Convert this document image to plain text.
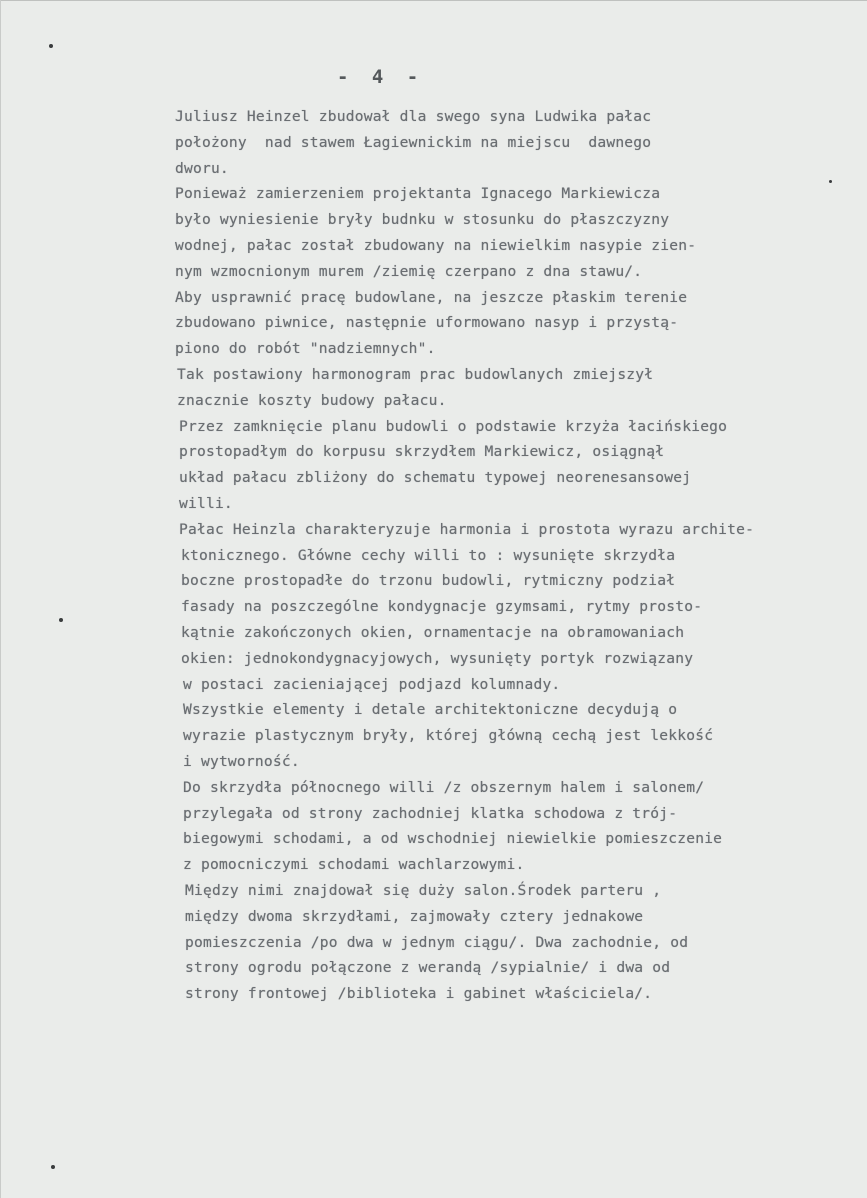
- 4 -
Juliusz Heinzel zbudował dla swego syna Ludwika pałac
położony  nad stawem Łagiewnickim na miejscu  dawnego
dworu.
Ponieważ zamierzeniem projektanta Ignacego Markiewicza
było wyniesienie bryły budnku w stosunku do płaszczyzny
wodnej, pałac został zbudowany na niewielkim nasypie zien-
nym wzmocnionym murem /ziemię czerpano z dna stawu/.
Aby usprawnić pracę budowlane, na jeszcze płaskim terenie
zbudowano piwnice, następnie uformowano nasyp i przystą-
piono do robót "nadziemnych".
Tak postawiony harmonogram prac budowlanych zmiejszył
znacznie koszty budowy pałacu.
Przez zamknięcie planu budowli o podstawie krzyża łacińskiego
prostopadłym do korpusu skrzydłem Markiewicz, osiągnął
układ pałacu zbliżony do schematu typowej neorenesansowej
willi.
Pałac Heinzla charakteryzuje harmonia i prostota wyrazu archite-
ktonicznego. Główne cechy willi to : wysunięte skrzydła
boczne prostopadłe do trzonu budowli, rytmiczny podział
fasady na poszczególne kondygnacje gzymsami, rytmy prosto-
kątnie zakończonych okien, ornamentacje na obramowaniach
okien: jednokondygnacyjowych, wysunięty portyk rozwiązany
w postaci zacieniającej podjazd kolumnady.
Wszystkie elementy i detale architektoniczne decydują o
wyrazie plastycznym bryły, której główną cechą jest lekkość
i wytworność.
Do skrzydła północnego willi /z obszernym halem i salonem/
przylegała od strony zachodniej klatka schodowa z trój-
biegowymi schodami, a od wschodniej niewielkie pomieszczenie
z pomocniczymi schodami wachlarzowymi.
Między nimi znajdował się duży salon.Środek parteru ,
między dwoma skrzydłami, zajmowały cztery jednakowe
pomieszczenia /po dwa w jednym ciągu/. Dwa zachodnie, od
strony ogrodu połączone z werandą /sypialnie/ i dwa od
strony frontowej /biblioteka i gabinet właściciela/.
